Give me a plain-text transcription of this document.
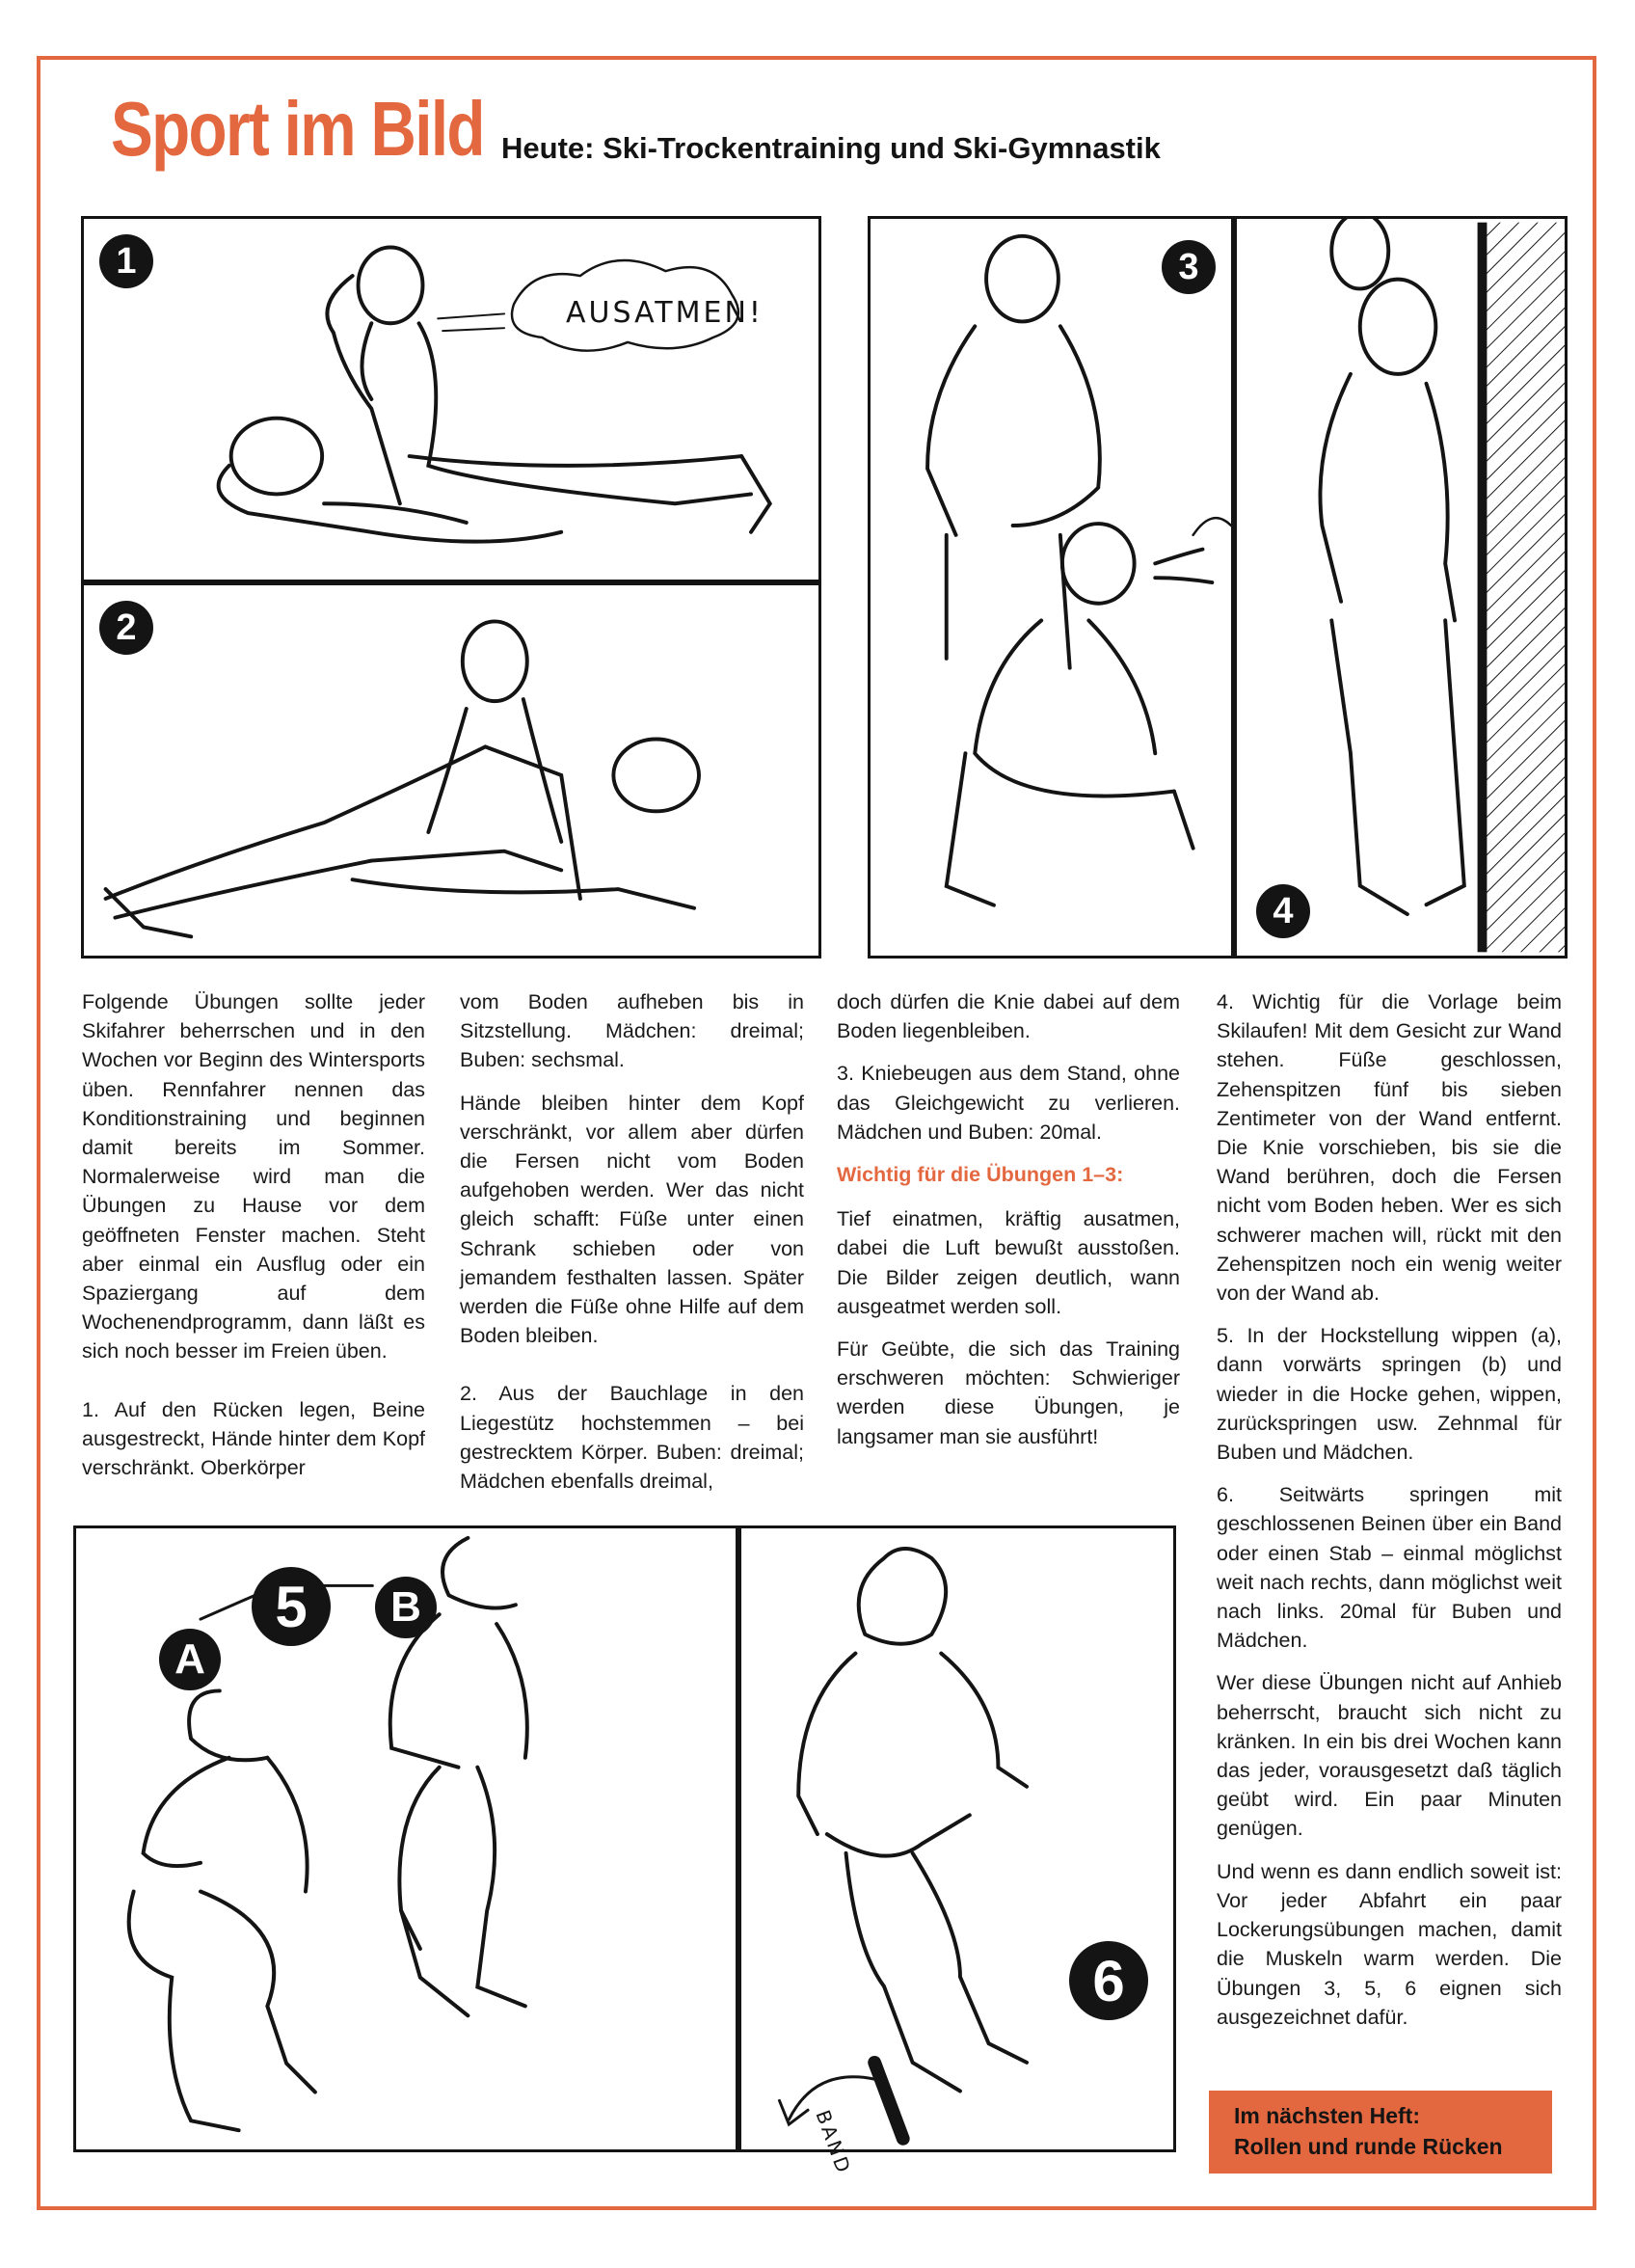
Sport im Bild Heute: Ski-Trockentraining und Ski-Gymnastik
1
AUSATMEN!
2
3
4

Folgende Übungen sollte jeder Skifahrer beherrschen und in den Wochen vor Beginn des Wintersports üben. Rennfahrer nennen das Konditionstraining und beginnen damit bereits im Sommer. Normalerweise wird man die Übungen zu Hause vor dem geöffneten Fenster machen. Steht aber einmal ein Ausflug oder ein Spaziergang auf dem Wochenendprogramm, dann läßt es sich noch besser im Freien üben.

1. Auf den Rücken legen, Beine ausgestreckt, Hände hinter dem Kopf verschränkt. Oberkörper

vom Boden aufheben bis in Sitzstellung. Mädchen: dreimal; Buben: sechsmal.

Hände bleiben hinter dem Kopf verschränkt, vor allem aber dürfen die Fersen nicht vom Boden aufgehoben werden. Wer das nicht gleich schafft: Füße unter einen Schrank schieben oder von jemandem festhalten lassen. Später werden die Füße ohne Hilfe auf dem Boden bleiben.

2. Aus der Bauchlage in den Liegestütz hochstemmen – bei gestrecktem Körper. Buben: dreimal; Mädchen ebenfalls dreimal,

doch dürfen die Knie dabei auf dem Boden liegenbleiben.

3. Kniebeugen aus dem Stand, ohne das Gleichgewicht zu verlieren. Mädchen und Buben: 20mal.

Wichtig für die Übungen 1–3:

Tief einatmen, kräftig ausatmen, dabei die Luft bewußt ausstoßen. Die Bilder zeigen deutlich, wann ausgeatmet werden soll.

Für Geübte, die sich das Training erschweren möchten: Schwieriger werden diese Übungen, je langsamer man sie ausführt!

4. Wichtig für die Vorlage beim Skilaufen! Mit dem Gesicht zur Wand stehen. Füße geschlossen, Zehenspitzen fünf bis sieben Zentimeter von der Wand entfernt. Die Knie vorschieben, bis sie die Wand berühren, doch die Fersen nicht vom Boden heben. Wer es sich schwerer machen will, rückt mit den Zehenspitzen noch ein wenig weiter von der Wand ab.

5. In der Hockstellung wippen (a), dann vorwärts springen (b) und wieder in die Hocke gehen, wippen, zurückspringen usw. Zehnmal für Buben und Mädchen.

6. Seitwärts springen mit geschlossenen Beinen über ein Band oder einen Stab – einmal möglichst weit nach rechts, dann möglichst weit nach links. 20mal für Buben und Mädchen.

Wer diese Übungen nicht auf Anhieb beherrscht, braucht sich nicht zu kränken. In ein bis drei Wochen kann das jeder, vorausgesetzt daß täglich geübt wird. Ein paar Minuten genügen.

Und wenn es dann endlich soweit ist: Vor jeder Abfahrt ein paar Lockerungsübungen machen, damit die Muskeln warm werden. Die Übungen 3, 5, 6 eignen sich ausgezeichnet dafür.

5
A
B
6
BAND	Im nächsten Heft:
Rollen und runde Rücken
